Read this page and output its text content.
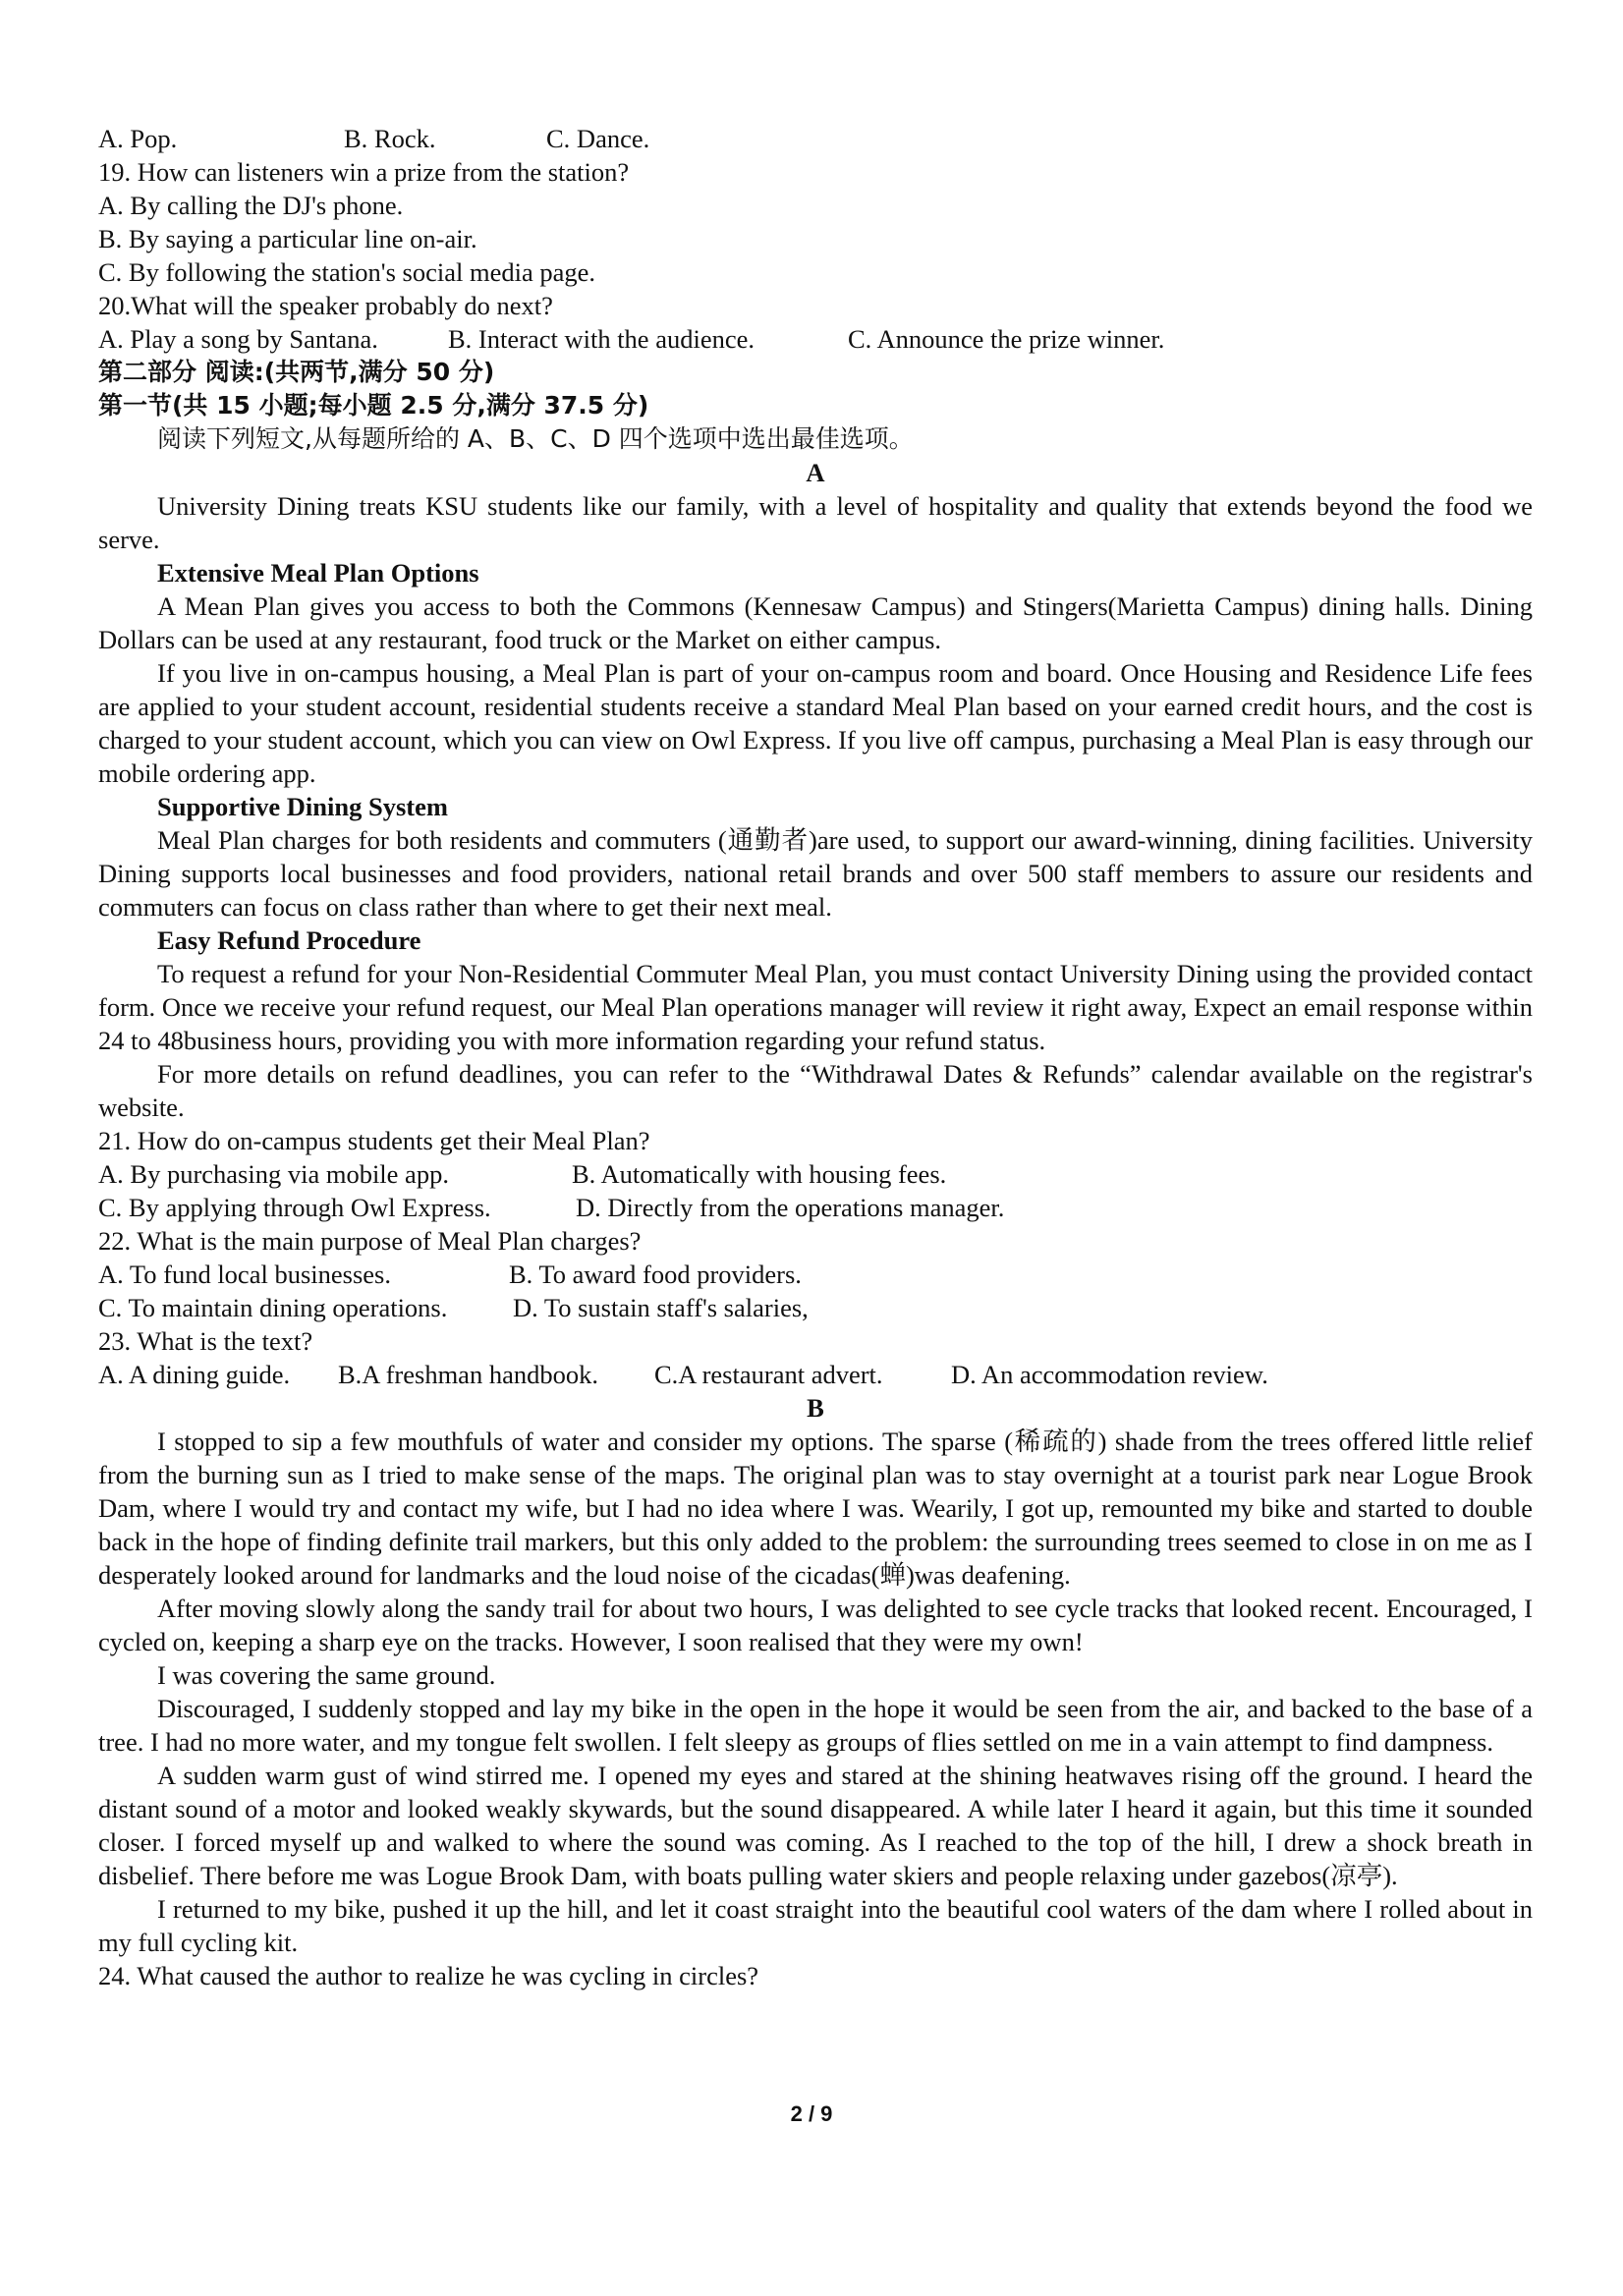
A. Pop.	B. Rock.	C. Dance.

19. How can listeners win a prize from the station?

A. By calling the DJ's phone.

B. By saying a particular line on-air.

C. By following the station's social media page.

20.What will the speaker probably do next?

A. Play a song by Santana.	B. Interact with the audience.	C. Announce the prize winner.

第二部分 阅读:(共两节,满分 50 分)

第一节(共 15 小题;每小题 2.5 分,满分 37.5 分)

阅读下列短文,从每题所给的 A、B、C、D 四个选项中选出最佳选项。

A

University Dining treats KSU students like our family, with a level of hospitality and quality that extends beyond the food we serve.

Extensive Meal Plan Options

A Mean Plan gives you access to both the Commons (Kennesaw Campus) and Stingers(Marietta Campus) dining halls. Dining Dollars can be used at any restaurant, food truck or the Market on either campus.

If you live in on-campus housing, a Meal Plan is part of your on-campus room and board. Once Housing and Residence Life fees are applied to your student account, residential students receive a standard Meal Plan based on your earned credit hours, and the cost is charged to your student account, which you can view on Owl Express. If you live off campus, purchasing a Meal Plan is easy through our mobile ordering app.

Supportive Dining System

Meal Plan charges for both residents and commuters (通勤者)are used, to support our award-winning, dining facilities. University Dining supports local businesses and food providers, national retail brands and over 500 staff members to assure our residents and commuters can focus on class rather than where to get their next meal.

Easy Refund Procedure

To request a refund for your Non-Residential Commuter Meal Plan, you must contact University Dining using the provided contact form. Once we receive your refund request, our Meal Plan operations manager will review it right away, Expect an email response within 24 to 48business hours, providing you with more information regarding your refund status.

For more details on refund deadlines, you can refer to the “Withdrawal Dates & Refunds” calendar available on the registrar's website.

21. How do on-campus students get their Meal Plan?

A. By purchasing via mobile app.	B. Automatically with housing fees.

C. By applying through Owl Express.	D. Directly from the operations manager.

22. What is the main purpose of Meal Plan charges?

A. To fund local businesses.	B. To award food providers.

C. To maintain dining operations.	D. To sustain staff's salaries,

23. What is the text?

A. A dining guide. B.A freshman handbook. C.A restaurant advert.	D. An accommodation review.

B

I stopped to sip a few mouthfuls of water and consider my options. The sparse (稀疏的) shade from the trees offered little relief from the burning sun as I tried to make sense of the maps. The original plan was to stay overnight at a tourist park near Logue Brook Dam, where I would try and contact my wife, but I had no idea where I was. Wearily, I got up, remounted my bike and started to double back in the hope of finding definite trail markers, but this only added to the problem: the surrounding trees seemed to close in on me as I desperately looked around for landmarks and the loud noise of the cicadas(蝉)was deafening.

After moving slowly along the sandy trail for about two hours, I was delighted to see cycle tracks that looked recent. Encouraged, I cycled on, keeping a sharp eye on the tracks. However, I soon realised that they were my own!

I was covering the same ground.

Discouraged, I suddenly stopped and lay my bike in the open in the hope it would be seen from the air, and backed to the base of a tree. I had no more water, and my tongue felt swollen. I felt sleepy as groups of flies settled on me in a vain attempt to find dampness.

A sudden warm gust of wind stirred me. I opened my eyes and stared at the shining heatwaves rising off the ground. I heard the distant sound of a motor and looked weakly skywards, but the sound disappeared. A while later I heard it again, but this time it sounded closer. I forced myself up and walked to where the sound was coming. As I reached to the top of the hill, I drew a shock breath in disbelief. There before me was Logue Brook Dam, with boats pulling water skiers and people relaxing under gazebos(凉亭).

I returned to my bike, pushed it up the hill, and let it coast straight into the beautiful cool waters of the dam where I rolled about in my full cycling kit.

24. What caused the author to realize he was cycling in circles?

2 / 9
